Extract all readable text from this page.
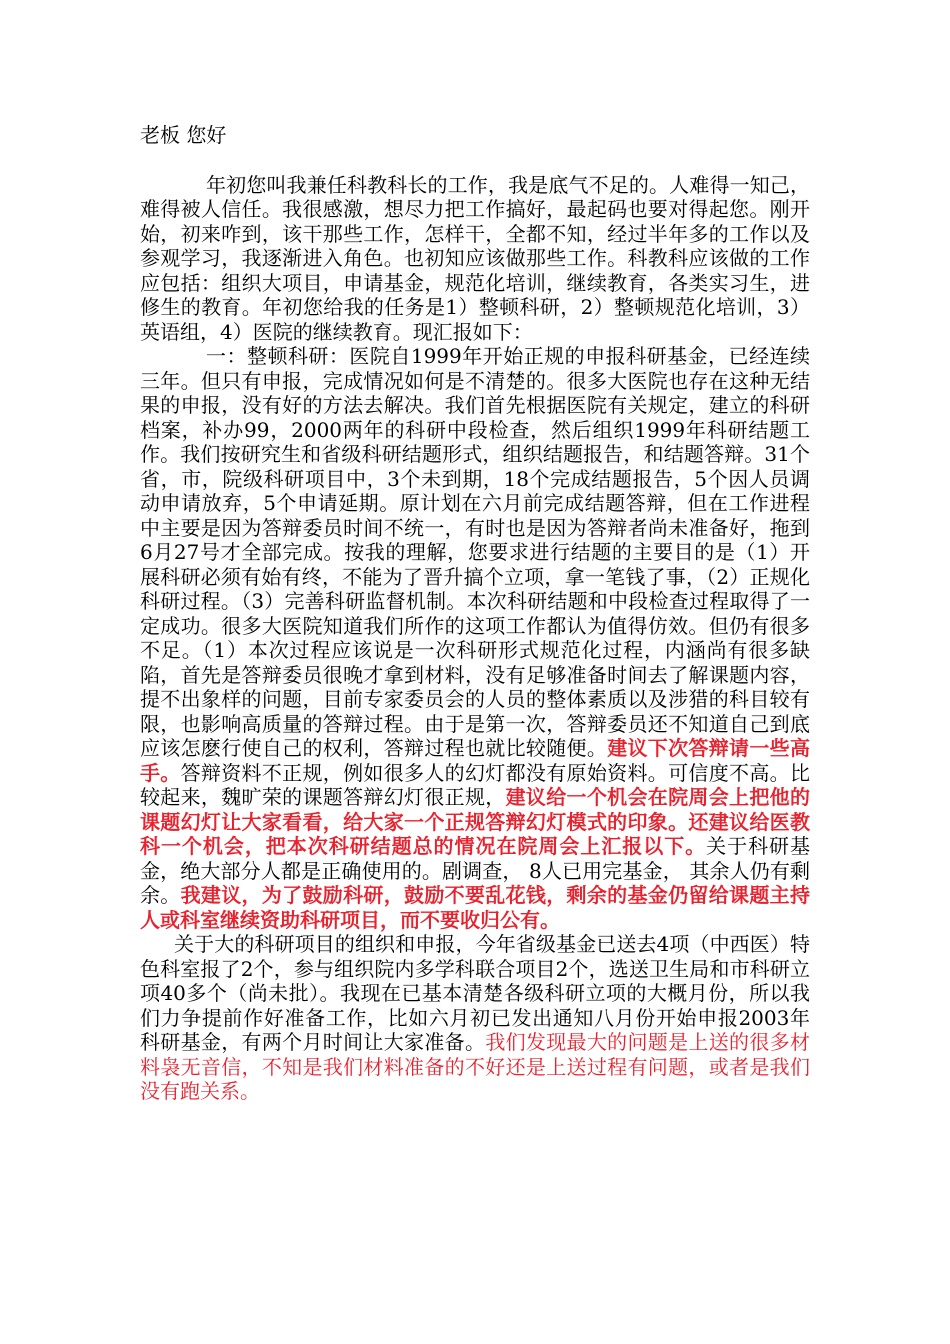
老板 您好

年初您叫我兼任科教科长的工作，我是底气不足的。人难得一知己，难得被人信任。我很感激，想尽力把工作搞好，最起码也要对得起您。刚开始，初来咋到，该干那些工作，怎样干，全都不知，经过半年多的工作以及参观学习，我逐渐进入角色。也初知应该做那些工作。科教科应该做的工作应包括：组织大项目，申请基金，规范化培训，继续教育，各类实习生，进修生的教育。年初您给我的任务是1）整顿科研，2）整顿规范化培训，3）英语组，4）医院的继续教育。现汇报如下：

一：整顿科研：医院自1999年开始正规的申报科研基金，已经连续三年。但只有申报，完成情况如何是不清楚的。很多大医院也存在这种无结果的申报，没有好的方法去解决。我们首先根据医院有关规定，建立的科研档案，补办99，2000两年的科研中段检查，然后组织1999年科研结题工作。我们按研究生和省级科研结题形式，组织结题报告，和结题答辩。31个省，市，院级科研项目中，3个未到期，18个完成结题报告，5个因人员调动申请放弃，5个申请延期。原计划在六月前完成结题答辩，但在工作进程中主要是因为答辩委员时间不统一，有时也是因为答辩者尚未准备好，拖到6月27号才全部完成。按我的理解，您要求进行结题的主要目的是（1）开展科研必须有始有终，不能为了晋升搞个立项，拿一笔钱了事，（2）正规化科研过程。（3）完善科研监督机制。本次科研结题和中段检查过程取得了一定成功。很多大医院知道我们所作的这项工作都认为值得仿效。但仍有很多不足。（1）本次过程应该说是一次科研形式规范化过程，内涵尚有很多缺陷，首先是答辩委员很晚才拿到材料，没有足够准备时间去了解课题内容，提不出象样的问题，目前专家委员会的人员的整体素质以及涉猎的科目较有限，也影响高质量的答辩过程。由于是第一次，答辩委员还不知道自己到底应该怎麽行使自己的权利，答辩过程也就比较随便。建议下次答辩请一些高手。答辩资料不正规，例如很多人的幻灯都没有原始资料。可信度不高。比较起来，魏旷荣的课题答辩幻灯很正规，建议给一个机会在院周会上把他的课题幻灯让大家看看，给大家一个正规答辩幻灯模式的印象。还建议给医教科一个机会，把本次科研结题总的情况在院周会上汇报以下。关于科研基金，绝大部分人都是正确使用的。剧调查， 8人已用完基金， 其余人仍有剩余。我建议，为了鼓励科研，鼓励不要乱花钱，剩余的基金仍留给课题主持人或科室继续资助科研项目，而不要收归公有。

关于大的科研项目的组织和申报，今年省级基金已送去4项（中西医）特色科室报了2个，参与组织院内多学科联合项目2个，选送卫生局和市科研立项40多个（尚未批）。我现在已基本清楚各级科研立项的大概月份，所以我们力争提前作好准备工作，比如六月初已发出通知八月份开始申报2003年科研基金，有两个月时间让大家准备。我们发现最大的问题是上送的很多材料袅无音信，不知是我们材料准备的不好还是上送过程有问题，或者是我们没有跑关系。
